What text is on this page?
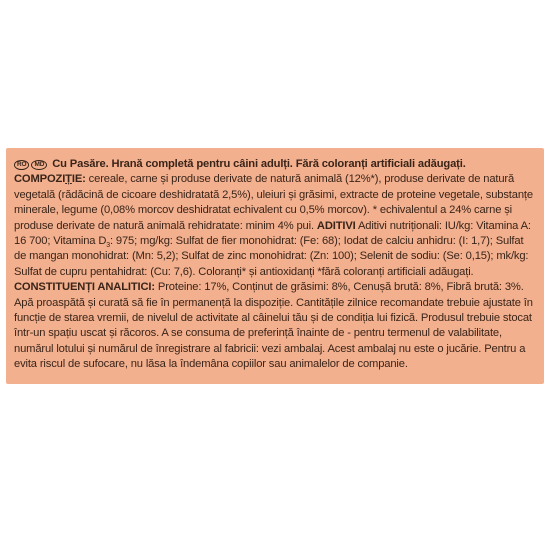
RO MD Cu Pasăre. Hrană completă pentru câini adulți. Fără coloranți artificiali adăugați.
COMPOZIȚIE: cereale, carne și produse derivate de natură animală (12%*), produse derivate de natură vegetală (rădăcină de cicoare deshidratată 2,5%), uleiuri și grăsimi, extracte de proteine vegetale, substanțe minerale, legume (0,08% morcov deshidratat echivalent cu 0,5% morcov). * echivalentul a 24% carne și produse derivate de natură animală rehidratate: minim 4% pui. ADITIVI Aditivi nutriționali: IU/kg: Vitamina A: 16 700; Vitamina $D_3$: 975; mg/kg: Sulfat de fier monohidrat: (Fe: 68); Iodat de calciu anhidru: (I: 1,7); Sulfat de mangan monohidrat: (Mn: 5,2); Sulfat de zinc monohidrat: (Zn: 100); Selenit de sodiu: (Se: 0,15); mk/kg: Sulfat de cupru pentahidrat: (Cu: 7,6). Coloranți* și antioxidanți *fără coloranți artificiali adăugați. CONSTITUENȚI ANALITICI: Proteine: 17%, Conținut de grăsimi: 8%, Cenușă brută: 8%, Fibră brută: 3%. Apă proaspătă și curată să fie în permanență la dispoziție. Cantitățile zilnice recomandate trebuie ajustate în funcție de starea vremii, de nivelul de activitate al câinelui tău și de condiția lui fizică. Produsul trebuie stocat într-un spațiu uscat și răcoros. A se consuma de preferință înainte de - pentru termenul de valabilitate, numărul lotului și numărul de înregistrare al fabricii: vezi ambalaj. Acest ambalaj nu este o jucărie. Pentru a evita riscul de sufocare, nu lăsa la îndemâna copiilor sau animalelor de companie.
